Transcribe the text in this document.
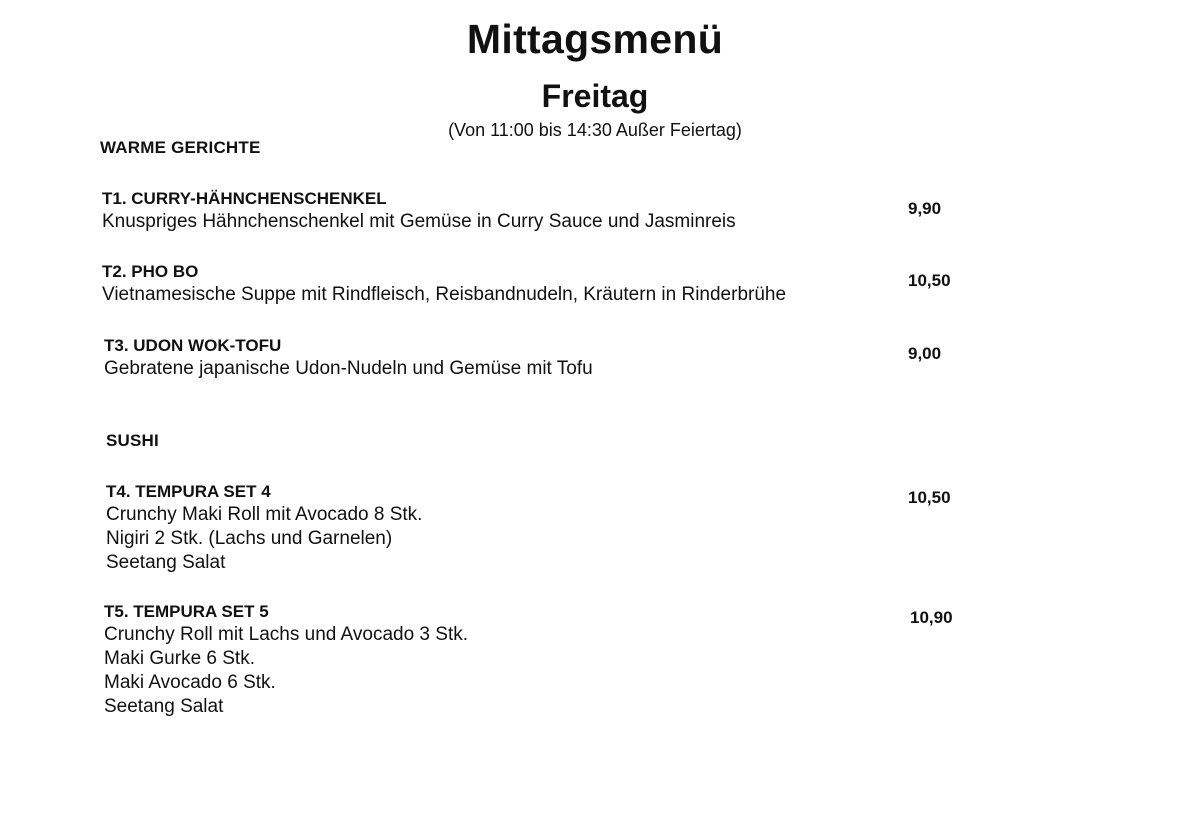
Mittagsmenü
Freitag

(Von 11:00 bis 14:30 Außer Feiertag)

WARME GERICHTE

T1. CURRY-HÄHNCHENSCHENKEL

Knuspriges Hähnchenschenkel mit Gemüse in Curry Sauce und Jasminreis

9,90

T2. PHO BO

Vietnamesische Suppe mit Rindfleisch, Reisbandnudeln, Kräutern in Rinderbrühe

10,50

T3. UDON WOK-TOFU

Gebratene japanische Udon-Nudeln und Gemüse mit Tofu

9,00

SUSHI

T4. TEMPURA SET 4

Crunchy Maki Roll mit Avocado 8 Stk.

Nigiri 2 Stk. (Lachs und Garnelen)

Seetang Salat

10,50

T5. TEMPURA SET 5

Crunchy Roll mit Lachs und Avocado 3 Stk.

Maki Gurke 6 Stk.

Maki Avocado 6 Stk.

Seetang Salat

10,90
